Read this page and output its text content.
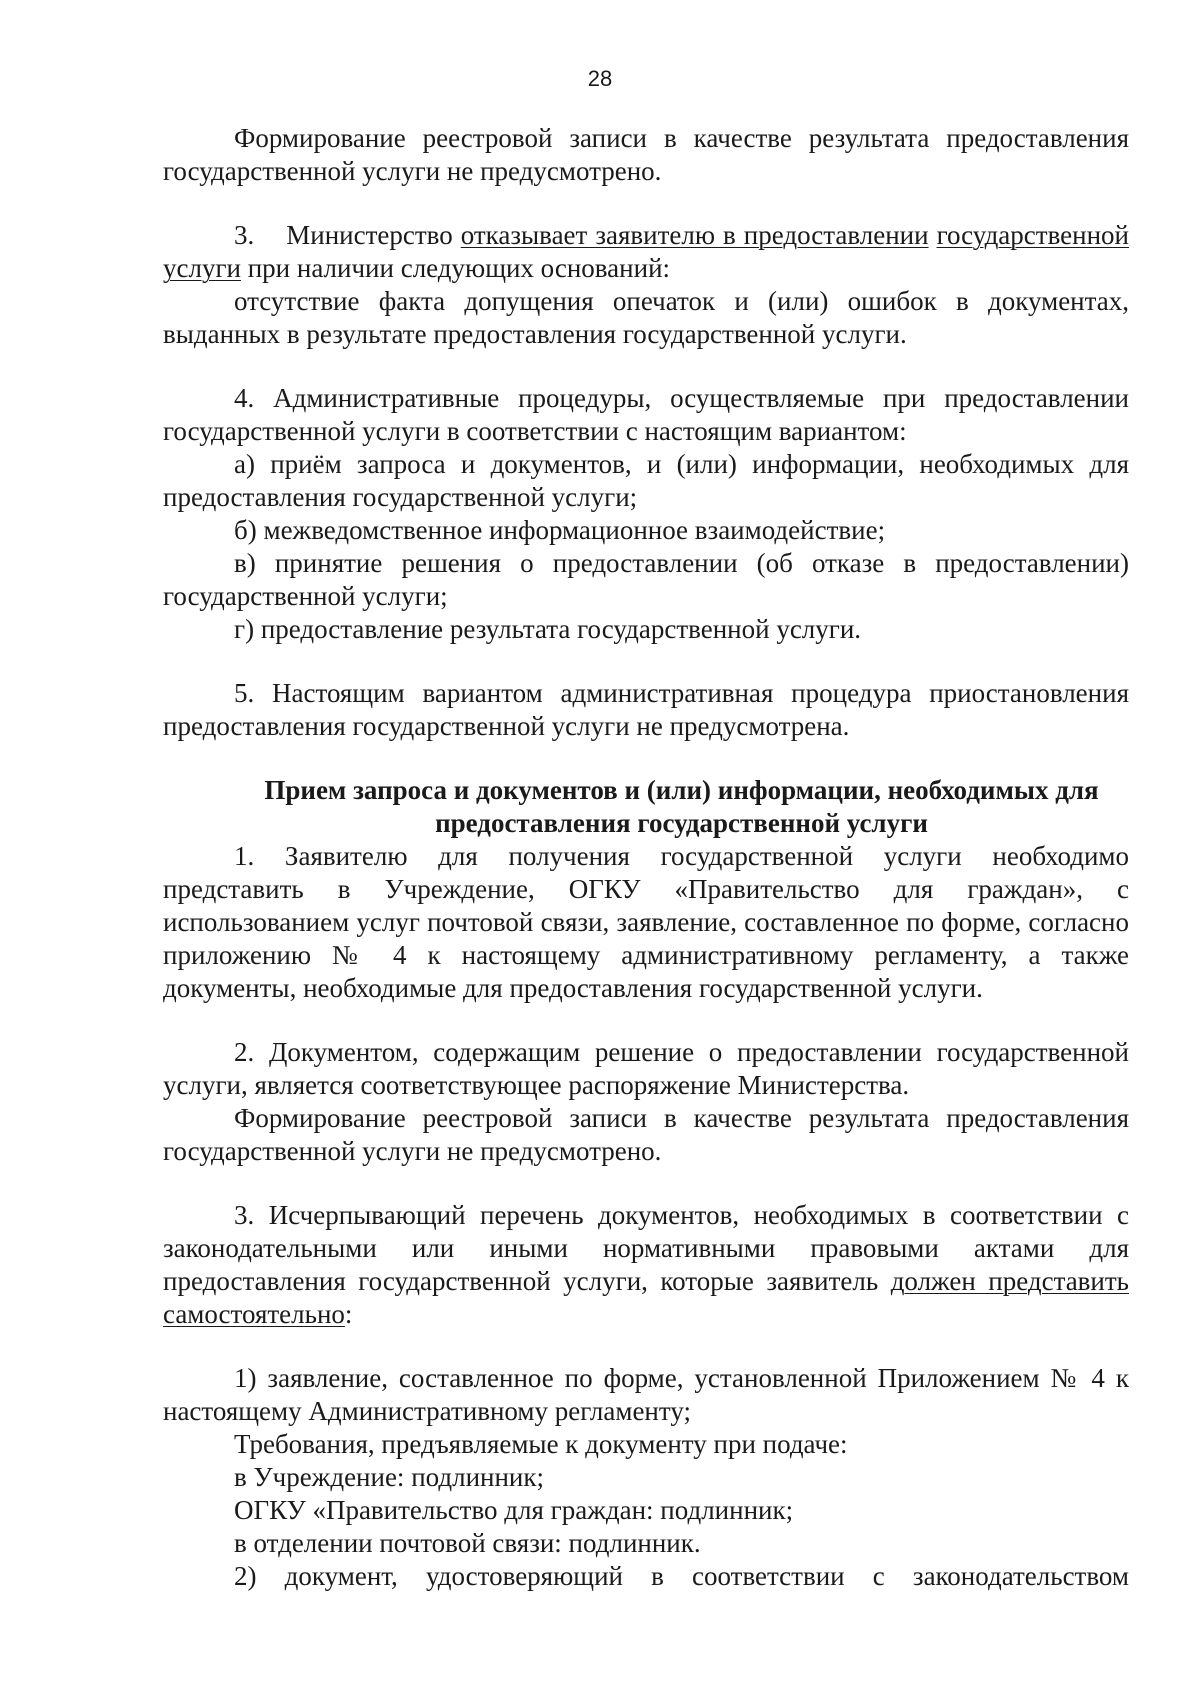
28

Формирование реестровой записи в качестве результата предоставления государственной услуги не предусмотрено.

3. Министерство отказывает заявителю в предоставлении государственной услуги при наличии следующих оснований:

отсутствие факта допущения опечаток и (или) ошибок в документах, выданных в результате предоставления государственной услуги.

4. Административные процедуры, осуществляемые при предоставлении государственной услуги в соответствии с настоящим вариантом:

а) приём запроса и документов, и (или) информации, необходимых для предоставления государственной услуги;

б) межведомственное информационное взаимодействие;

в) принятие решения о предоставлении (об отказе в предоставлении) государственной услуги;

г) предоставление результата государственной услуги.

5. Настоящим вариантом административная процедура приостановления предоставления государственной услуги не предусмотрена.

Прием запроса и документов и (или) информации, необходимых для
предоставления государственной услуги

1. Заявителю для получения государственной услуги необходимо представить в Учреждение, ОГКУ «Правительство для граждан», с использованием услуг почтовой связи, заявление, составленное по форме, согласно приложению № 4 к настоящему административному регламенту, а также документы, необходимые для предоставления государственной услуги.

2. Документом, содержащим решение о предоставлении государственной услуги, является соответствующее распоряжение Министерства.

Формирование реестровой записи в качестве результата предоставления государственной услуги не предусмотрено.

3. Исчерпывающий перечень документов, необходимых в соответствии с законодательными или иными нормативными правовыми актами для предоставления государственной услуги, которые заявитель должен представить самостоятельно:

1) заявление, составленное по форме, установленной Приложением № 4 к настоящему Административному регламенту;

Требования, предъявляемые к документу при подаче:

в Учреждение: подлинник;

ОГКУ «Правительство для граждан: подлинник;

в отделении почтовой связи: подлинник.

2) документ, удостоверяющий в соответствии с законодательством
